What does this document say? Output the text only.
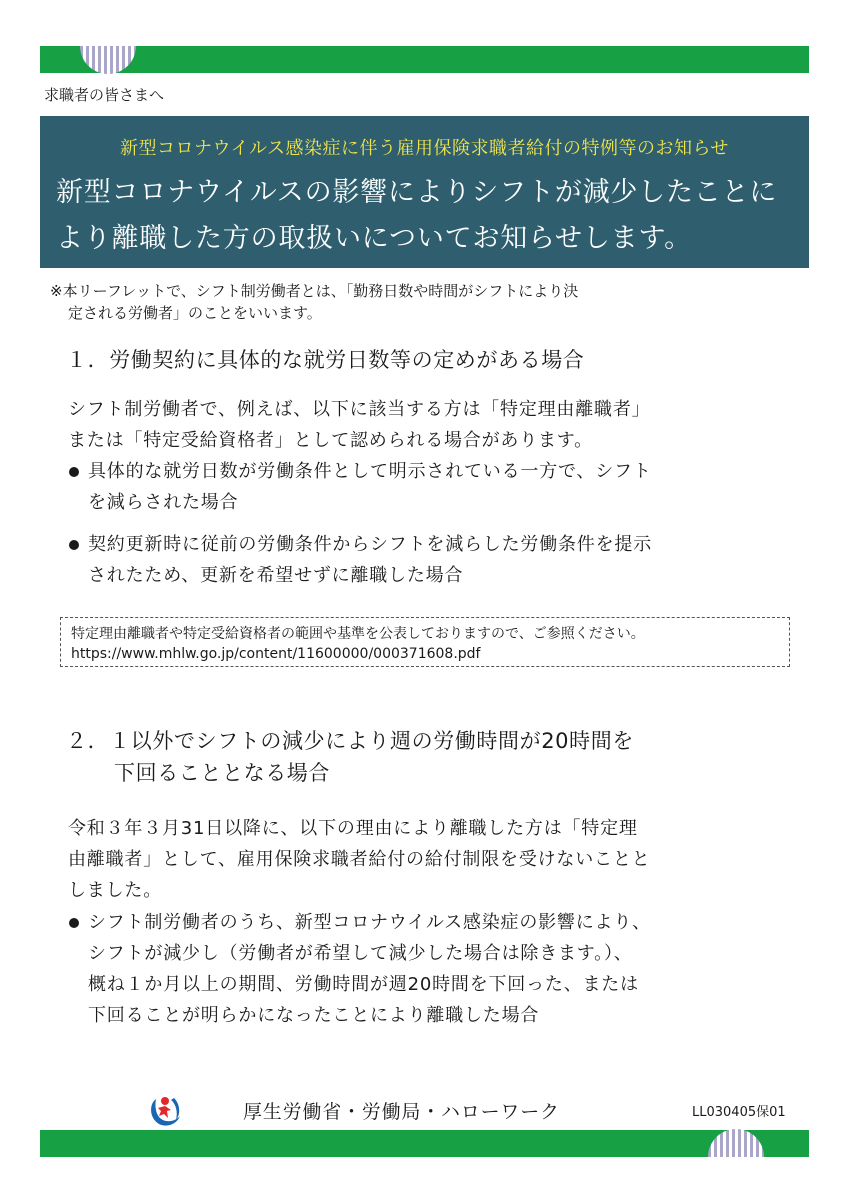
求職者の皆さまへ
新型コロナウイルス感染症に伴う雇用保険求職者給付の特例等のお知らせ
新型コロナウイルスの影響によりシフトが減少したことに
より離職した方の取扱いについてお知らせします。
※本リーフレットで、シフト制労働者とは、「勤務日数や時間がシフトにより決
定される労働者」のことをいいます。
１．労働契約に具体的な就労日数等の定めがある場合
シフト制労働者で、例えば、以下に該当する方は「特定理由離職者」
または「特定受給資格者」として認められる場合があります。
具体的な就労日数が労働条件として明示されている一方で、シフト
を減らされた場合
契約更新時に従前の労働条件からシフトを減らした労働条件を提示
されたため、更新を希望せずに離職した場合
特定理由離職者や特定受給資格者の範囲や基準を公表しておりますので、ご参照ください。
https://www.mhlw.go.jp/content/11600000/000371608.pdf
２．１以外でシフトの減少により週の労働時間が20時間を
下回ることとなる場合
令和３年３月31日以降に、以下の理由により離職した方は「特定理
由離職者」として、雇用保険求職者給付の給付制限を受けないことと
しました。
シフト制労働者のうち、新型コロナウイルス感染症の影響により、
シフトが減少し（労働者が希望して減少した場合は除きます。）、
概ね１か月以上の期間、労働時間が週20時間を下回った、または
下回ることが明らかになったことにより離職した場合
厚生労働省・労働局・ハローワーク	LL030405保01
